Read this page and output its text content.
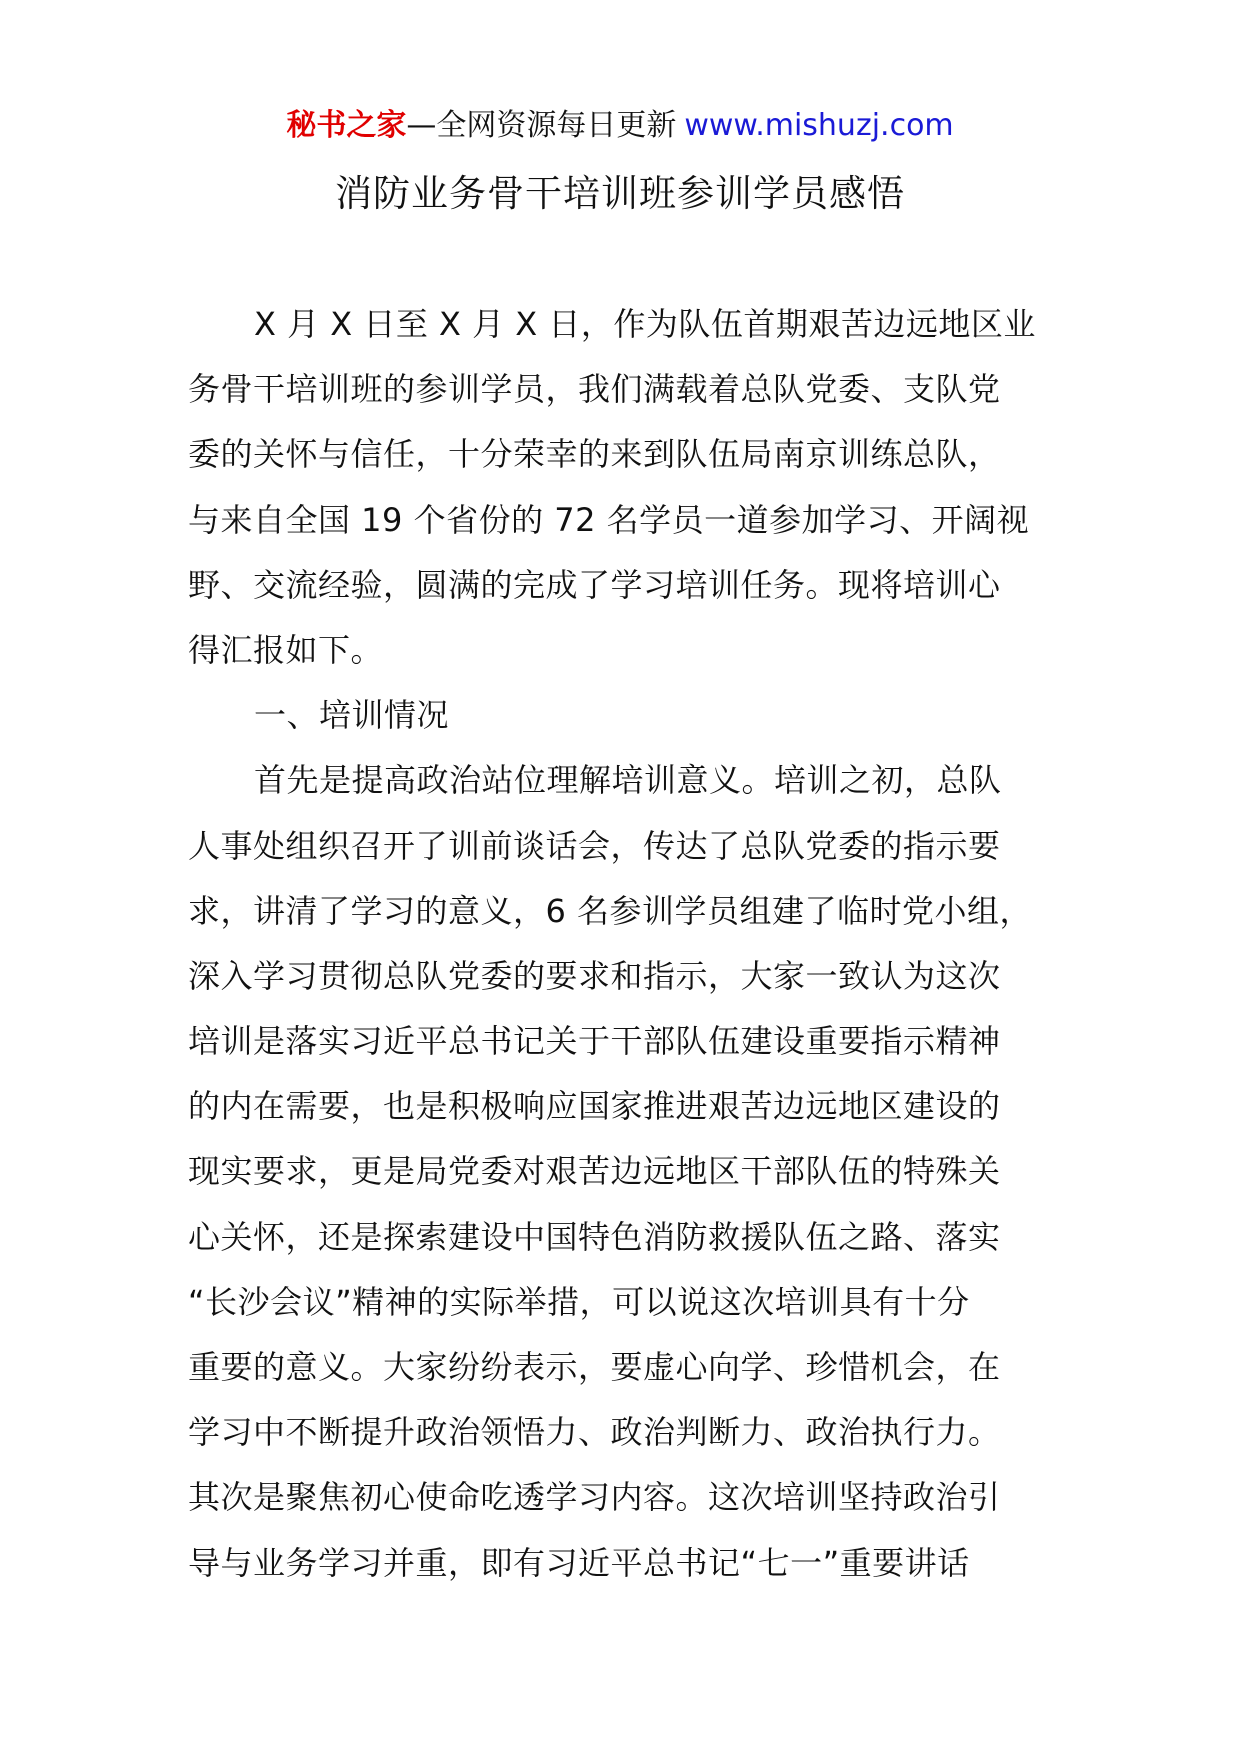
秘书之家—全网资源每日更新 www.mishuzj.com
消防业务骨干培训班参训学员感悟
X 月 X 日至 X 月 X 日，作为队伍首期艰苦边远地区业
务骨干培训班的参训学员，我们满载着总队党委、支队党
委的关怀与信任，十分荣幸的来到队伍局南京训练总队，
与来自全国 19 个省份的 72 名学员一道参加学习、开阔视
野、交流经验，圆满的完成了学习培训任务。现将培训心
得汇报如下。
一、培训情况
首先是提高政治站位理解培训意义。培训之初，总队
人事处组织召开了训前谈话会，传达了总队党委的指示要
求，讲清了学习的意义，6 名参训学员组建了临时党小组，
深入学习贯彻总队党委的要求和指示，大家一致认为这次
培训是落实习近平总书记关于干部队伍建设重要指示精神
的内在需要，也是积极响应国家推进艰苦边远地区建设的
现实要求，更是局党委对艰苦边远地区干部队伍的特殊关
心关怀，还是探索建设中国特色消防救援队伍之路、落实
“长沙会议”精神的实际举措，可以说这次培训具有十分
重要的意义。大家纷纷表示，要虚心向学、珍惜机会，在
学习中不断提升政治领悟力、政治判断力、政治执行力。
其次是聚焦初心使命吃透学习内容。这次培训坚持政治引
导与业务学习并重，即有习近平总书记“七一”重要讲话
